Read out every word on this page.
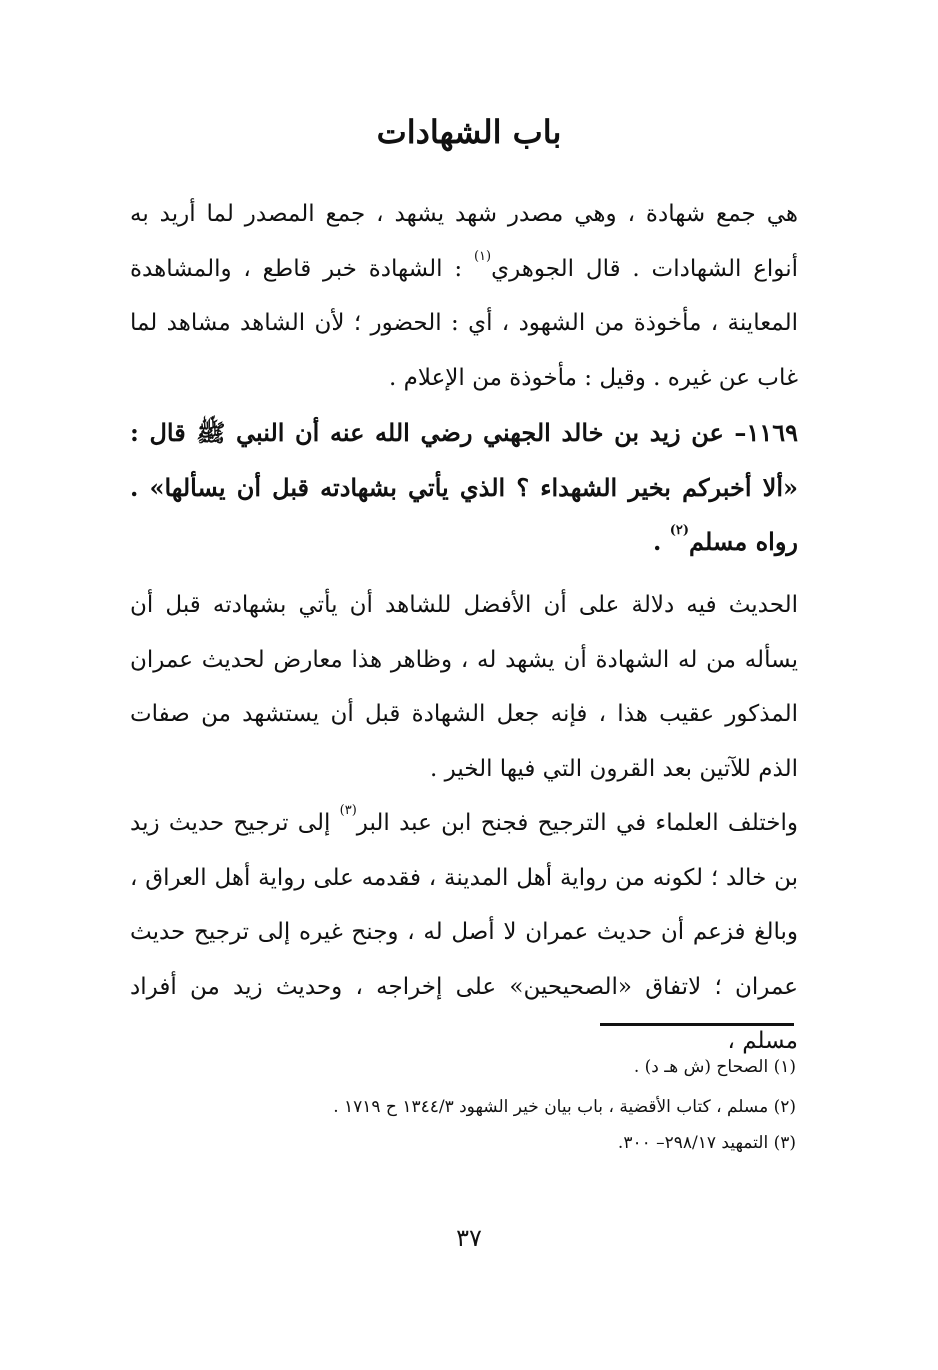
باب الشهادات

هي جمع شهادة ، وهي مصدر شهد يشهد ، جمع المصدر لما أريد به أنواع الشهادات . قال الجوهري$^{(١)}$ : الشهادة خبر قاطع ، والمشاهدة المعاينة ، مأخوذة من الشهود ، أي : الحضور ؛ لأن الشاهد مشاهد لما غاب عن غيره . وقيل : مأخوذة من الإعلام .

١١٦٩– عن زيد بن خالد الجهني رضي الله عنه أن النبي ﷺ قال : «ألا أخبركم بخير الشهداء ؟ الذي يأتي بشهادته قبل أن يسألها» . رواه مسلم$^{(٢)}$ .

الحديث فيه دلالة على أن الأفضل للشاهد أن يأتي بشهادته قبل أن يسأله من له الشهادة أن يشهد له ، وظاهر هذا معارض لحديث عمران المذكور عقيب هذا ، فإنه جعل الشهادة قبل أن يستشهد من صفات الذم للآتين بعد القرون التي فيها الخير .

واختلف العلماء في الترجيح فجنح ابن عبد البر$^{(٣)}$ إلى ترجيح حديث زيد بن خالد ؛ لكونه من رواية أهل المدينة ، فقدمه على رواية أهل العراق ، وبالغ فزعم أن حديث عمران لا أصل له ، وجنح غيره إلى ترجيح حديث عمران ؛ لاتفاق «الصحيحين» على إخراجه ، وحديث زيد من أفراد مسلم ،

(١) الصحاح (ش هـ د) .

(٢) مسلم ، كتاب الأقضية ، باب بيان خير الشهود ١٣٤٤/٣ ح ١٧١٩ .

(٣) التمهيد ٢٩٨/١٧– ٣٠٠.

٣٧
